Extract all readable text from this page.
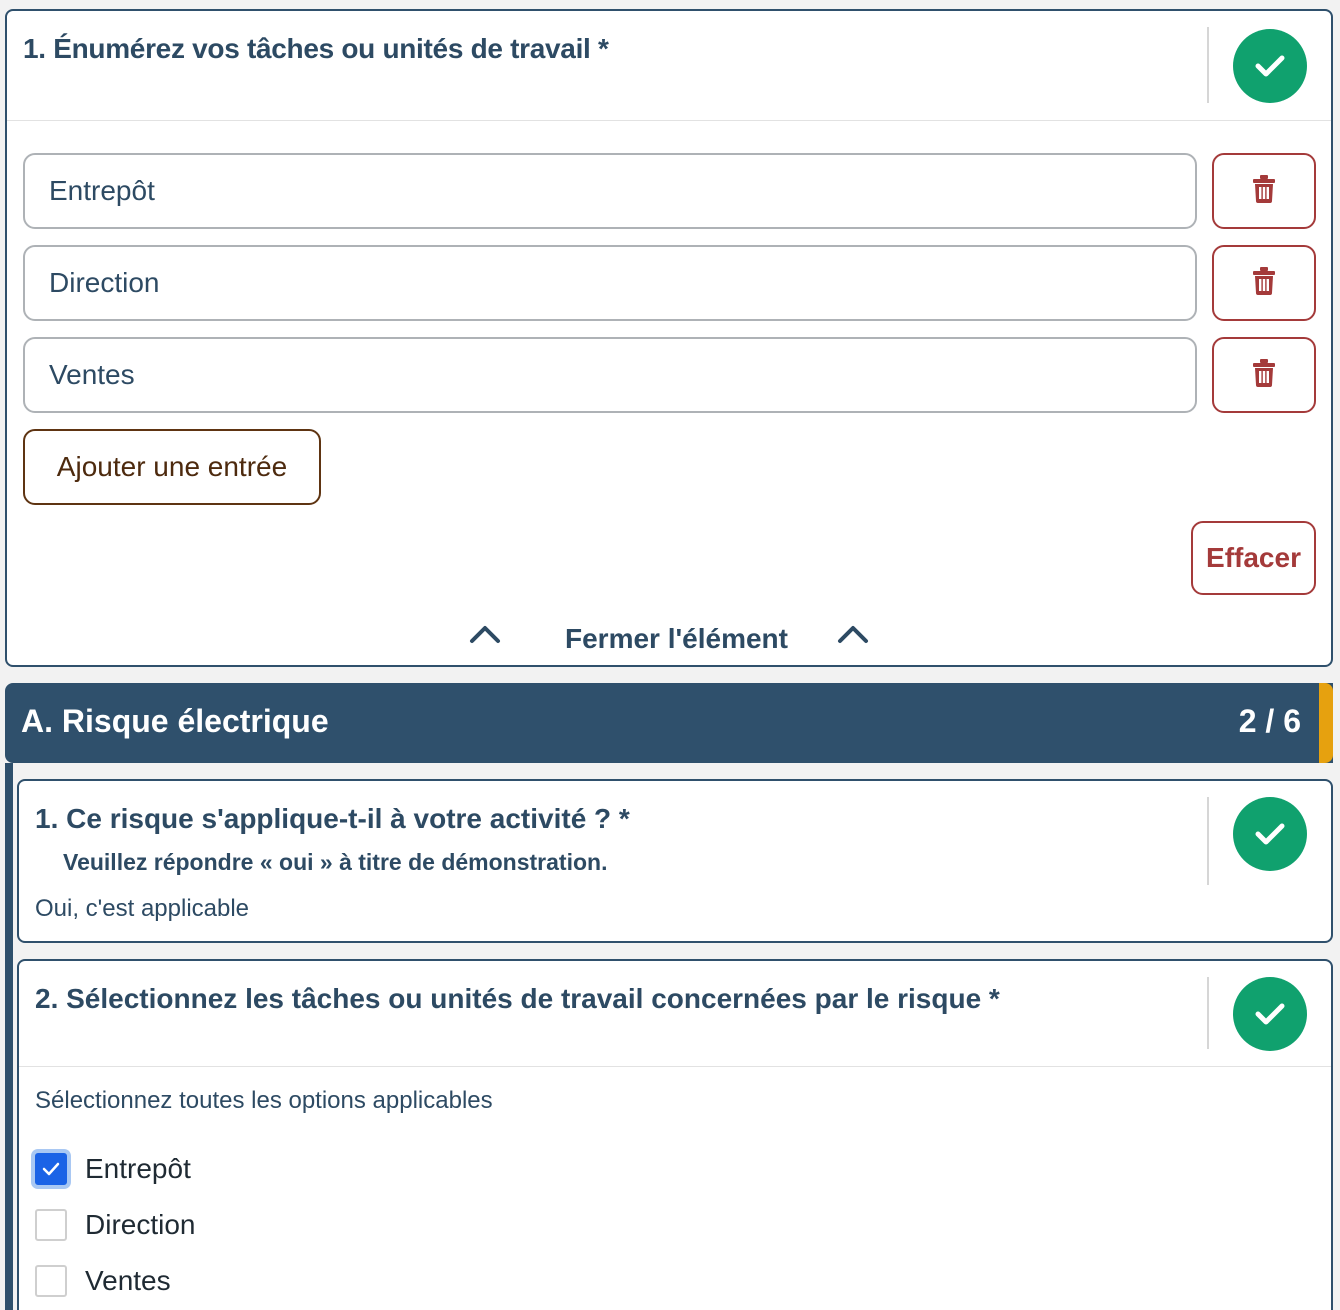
1. Énumérez vos tâches ou unités de travail *
Entrepôt
Direction
Ventes
Ajouter une entrée
Effacer
Fermer l'élément
A. Risque électrique	2 / 6
1. Ce risque s'applique-t-il à votre activité ? *
Veuillez répondre « oui » à titre de démonstration.
Oui, c'est applicable
2. Sélectionnez les tâches ou unités de travail concernées par le risque *
Sélectionnez toutes les options applicables
Entrepôt
Direction
Ventes
